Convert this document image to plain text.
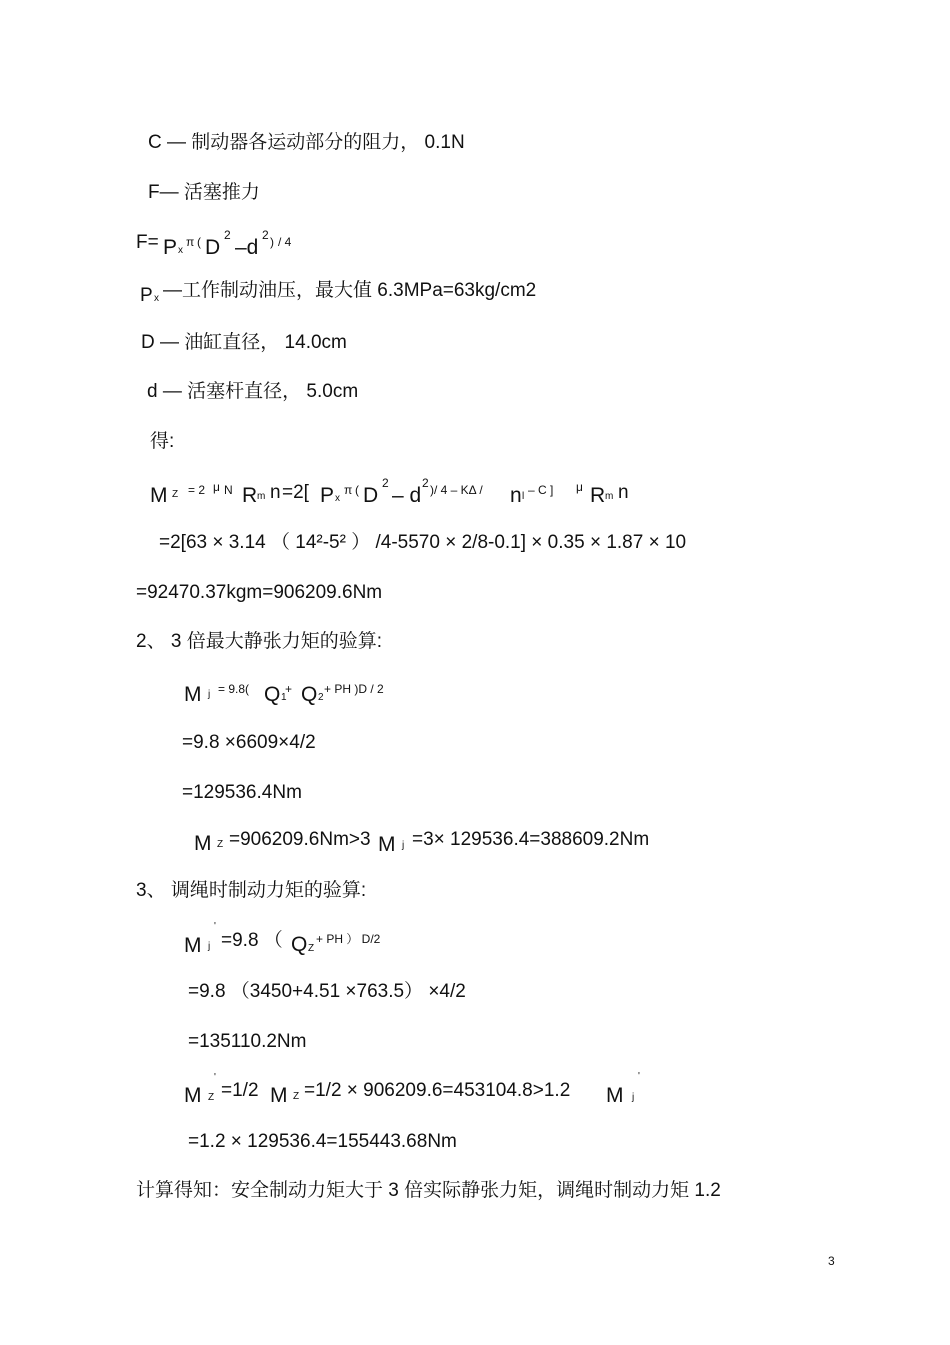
C — 制动器各运动部分的阻力， 0.1N
F— 活塞推力
F= P x
π ( D
2
–d
2 ) / 4
P x —工作制动油压，最大值 6.3MPa=63kg/cm2
D — 油缸直径， 14.0cm
d — 活塞杆直径， 5.0cm
得:
M Z = 2 μ N R m n =2[ P x
π ( D
2
– d
2 )/ 4 – KΔ / n l – C ] μ R m n
=2[63 × 3.14 （ 14²-5² ） /4-5570 × 2/8-0.1] × 0.35 × 1.87 × 10
=92470.37kgm=906209.6Nm
2、 3 倍最大静张力矩的验算:
M j = 9.8( Q 1
+ Q 2
+ PH )D / 2
=9.8 ×6609×4/2
=129536.4Nm
M Z =906209.6Nm>3 M j =3× 129536.4=388609.2Nm
3、 调绳时制动力矩的验算:
M j
'
=9.8 （ Q Z
+ PH ） D/2
=9.8 （3450+4.51 ×763.5） ×4/2
=135110.2Nm
M Z
'
=1/2 M Z =1/2 × 906209.6=453104.8>1.2 M j
'
=1.2 × 129536.4=155443.68Nm
计算得知：安全制动力矩大于 3 倍实际静张力矩，调绳时制动力矩 1.2
3
